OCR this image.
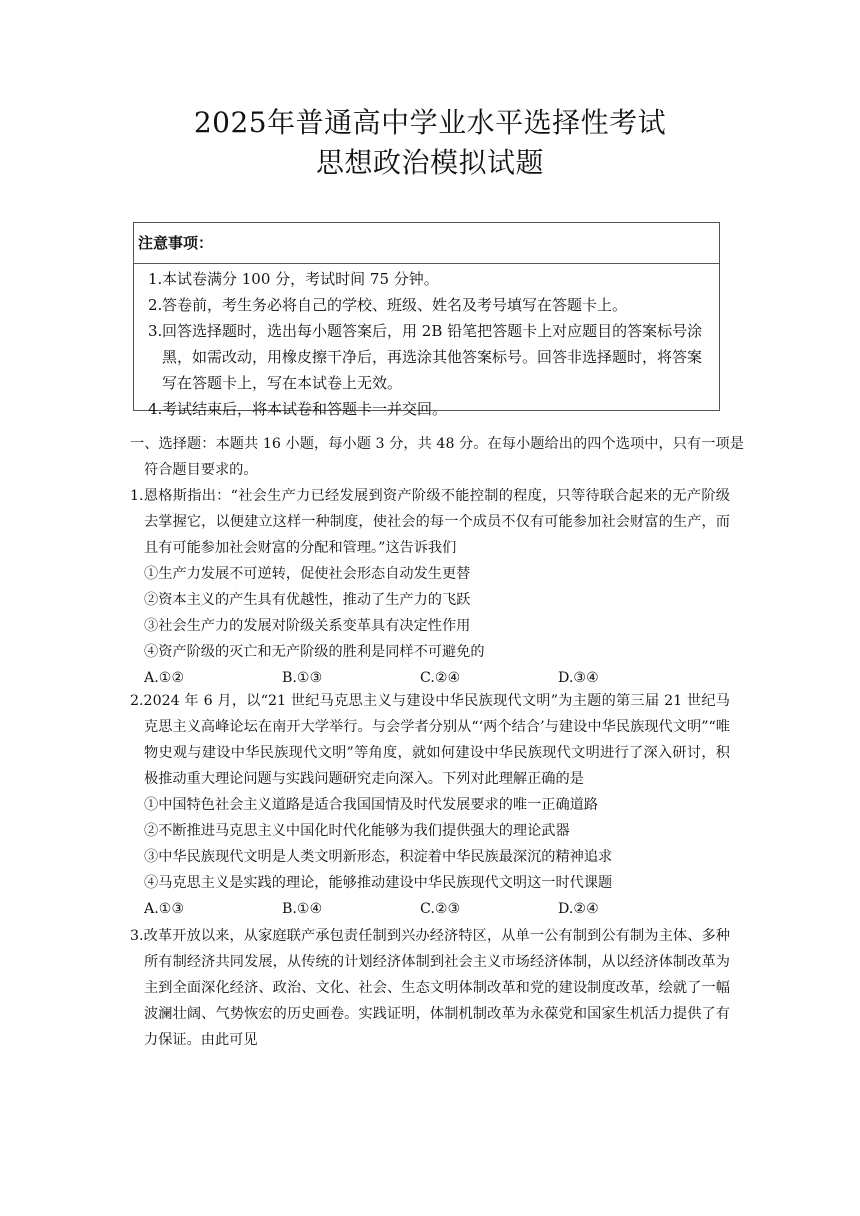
2025年普通高中学业水平选择性考试
思想政治模拟试题
注意事项：
1. 本试卷满分 100 分，考试时间 75 分钟。
2. 答卷前，考生务必将自己的学校、班级、姓名及考号填写在答题卡上。
3. 回答选择题时，选出每小题答案后，用 2B 铅笔把答题卡上对应题目的答案标号涂黑，如需改动，用橡皮擦干净后，再选涂其他答案标号。回答非选择题时，将答案写在答题卡上，写在本试卷上无效。
4. 考试结束后，将本试卷和答题卡一并交回。
一、选择题：本题共 16 小题，每小题 3 分，共 48 分。在每小题给出的四个选项中，只有一项是符合题目要求的。
1.恩格斯指出：“社会生产力已经发展到资产阶级不能控制的程度，只等待联合起来的无产阶级去掌握它，以便建立这样一种制度，使社会的每一个成员不仅有可能参加社会财富的生产，而且有可能参加社会财富的分配和管理。”这告诉我们
①生产力发展不可逆转，促使社会形态自动发生更替
②资本主义的产生具有优越性，推动了生产力的飞跃
③社会生产力的发展对阶级关系变革具有决定性作用
④资产阶级的灭亡和无产阶级的胜利是同样不可避免的
A.①②	B.①③	C.②④	D.③④
2.2024 年 6 月，以“21 世纪马克思主义与建设中华民族现代文明”为主题的第三届 21 世纪马克思主义高峰论坛在南开大学举行。与会学者分别从“‘两个结合’与建设中华民族现代文明”“唯物史观与建设中华民族现代文明”等角度，就如何建设中华民族现代文明进行了深入研讨，积极推动重大理论问题与实践问题研究走向深入。下列对此理解正确的是
①中国特色社会主义道路是适合我国国情及时代发展要求的唯一正确道路
②不断推进马克思主义中国化时代化能够为我们提供强大的理论武器
③中华民族现代文明是人类文明新形态，积淀着中华民族最深沉的精神追求
④马克思主义是实践的理论，能够推动建设中华民族现代文明这一时代课题
A.①③	B.①④	C.②③	D.②④
3.改革开放以来，从家庭联产承包责任制到兴办经济特区，从单一公有制到公有制为主体、多种所有制经济共同发展，从传统的计划经济体制到社会主义市场经济体制，从以经济体制改革为主到全面深化经济、政治、文化、社会、生态文明体制改革和党的建设制度改革，绘就了一幅波澜壮阔、气势恢宏的历史画卷。实践证明，体制机制改革为永葆党和国家生机活力提供了有力保证。由此可见
